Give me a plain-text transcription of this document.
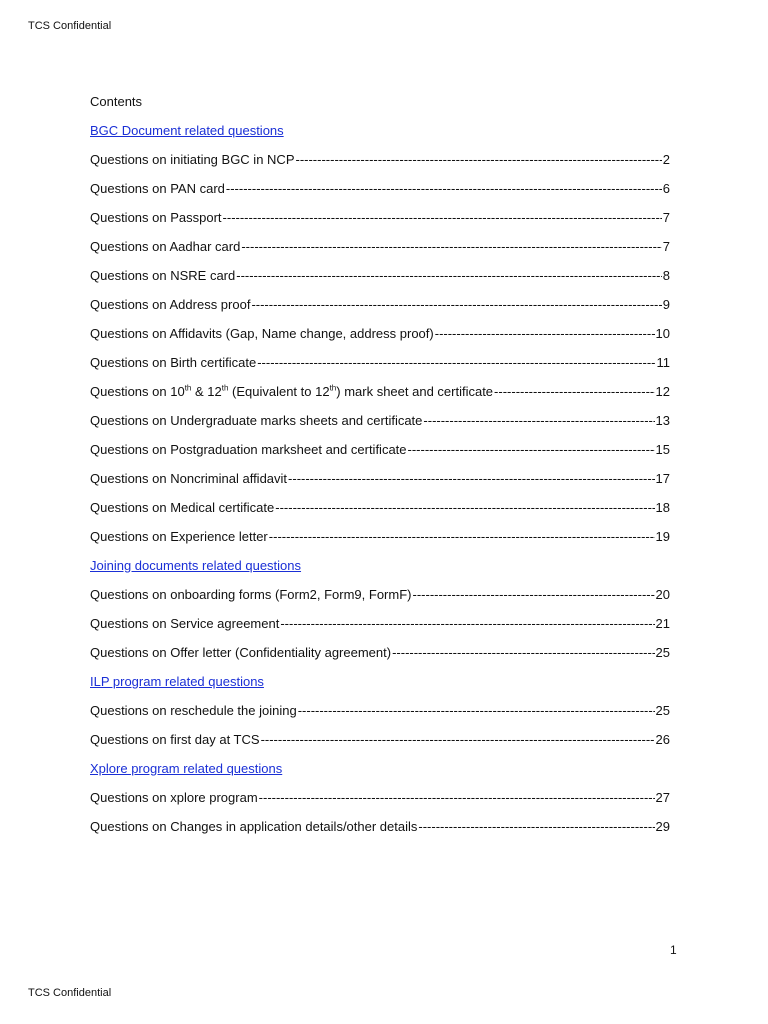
TCS Confidential
Contents
BGC Document related questions
Questions on initiating BGC in NCP -----	2
Questions on PAN card -----	6
Questions on Passport -----	7
Questions on Aadhar card -----	7
Questions on NSRE card -----	8
Questions on Address proof -----	9
Questions on Affidavits (Gap, Name change, address proof) -----	10
Questions on Birth certificate -----	11
Questions on 10th & 12th (Equivalent to 12th) mark sheet and certificate -----	12
Questions on Undergraduate marks sheets and certificate -----	13
Questions on Postgraduation marksheet and certificate -----	15
Questions on Noncriminal affidavit -----	17
Questions on Medical certificate -----	18
Questions on Experience letter -----	19
Joining documents related questions
Questions on onboarding forms (Form2, Form9, FormF) -----	20
Questions on Service agreement -----	21
Questions on Offer letter (Confidentiality agreement) -----	25
ILP program related questions
Questions on reschedule the joining -----	25
Questions on first day at TCS -----	26
Xplore program related questions
Questions on xplore program -----	27
Questions on Changes in application details/other details -----	29
1
TCS Confidential
